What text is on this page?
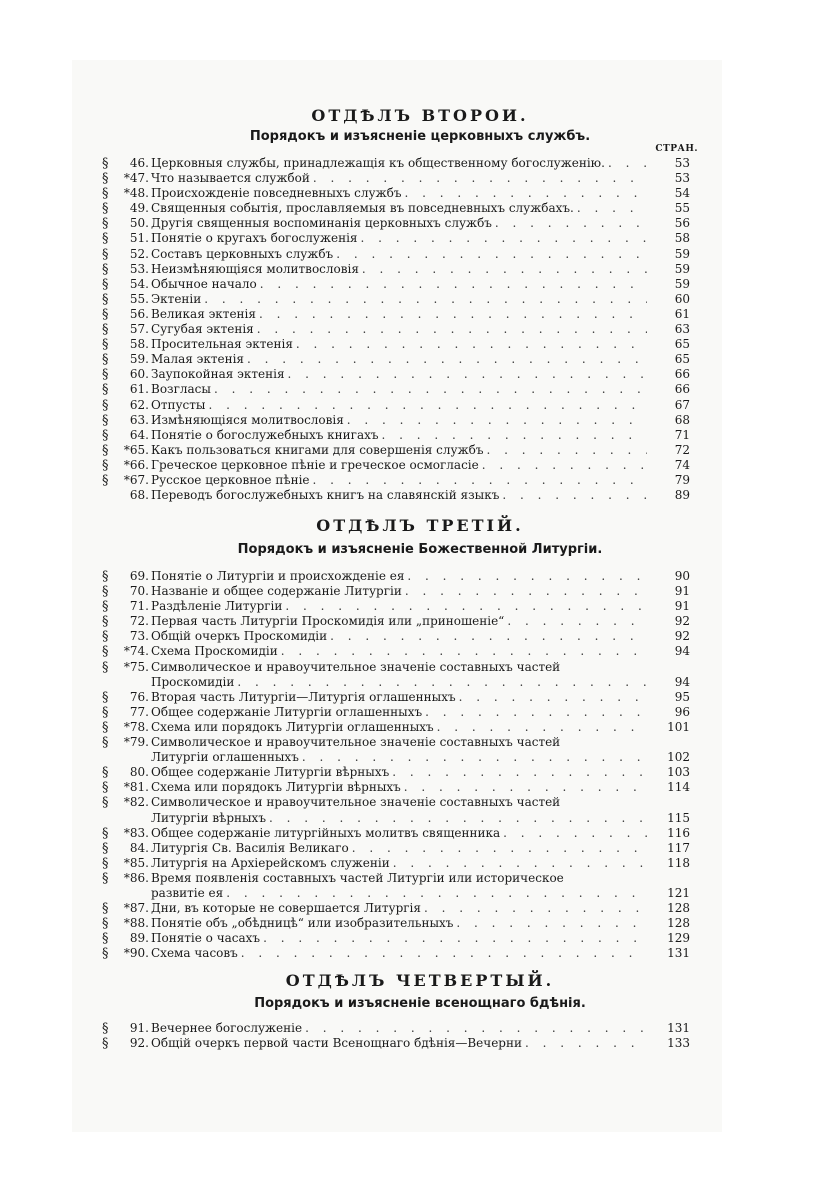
ОТДѢЛЪ ВТОРОИ.
Порядокъ и изъясненіе церковныхъ службъ.
СТРАН.
§	46. Церковныя службы, принадлежащія къ общественному богослуженію. . . .	53
§	*47. Что называется службой . . .	53
§	*48. Происхожденіе повседневныхъ службъ . . .	54
§	49. Священныя событія, прославляемыя въ повседневныхъ службахъ. . . .	55
§	50. Другія священныя воспоминанія церковныхъ службъ . . .	56
§	51. Понятіе о кругахъ богослуженія . . .	58
§	52. Составъ церковныхъ службъ . . .	59
§	53. Неизмѣняющіяся молитвословія . . .	59
§	54. Обычное начало . . .	59
§	55. Эктеніи . . .	60
§	56. Великая эктенія . . .	61
§	57. Сугубая эктенія . . .	63
§	58. Просительная эктенія . . .	65
§	59. Малая эктенія . . .	65
§	60. Заупокойная эктенія . . .	66
§	61. Возгласы . . .	66
§	62. Отпусты . . .	67
§	63. Измѣняющіяся молитвословія . . .	68
§	64. Понятіе о богослужебныхъ книгахъ . . .	71
§	*65. Какъ пользоваться книгами для совершенія службъ . . .	72
§	*66. Греческое церковное пѣніе и греческое осмогласіе . . .	74
§	*67. Русское церковное пѣніе . . .	79
68. Переводъ богослужебныхъ книгъ на славянскій языкъ . . .	89
ОТДѢЛЪ ТРЕТІЙ.
Порядокъ и изъясненіе Божественной Литургіи.
§	69. Понятіе о Литургіи и происхожденіе ея . . .	90
§	70. Названіе и общее содержаніе Литургіи . . .	91
§	71. Раздѣленіе Литургіи . . .	91
§	72. Первая часть Литургіи Проскомидія или „приношеніе“ . . .	92
§	73. Общій очеркъ Проскомидіи . . .	92
§	*74. Схема Проскомидіи . . .	94
§	*75. Символическое и нравоучительное значеніе составныхъ частей
Проскомидіи . . .	94
§	76. Вторая часть Литургіи—Литургія оглашенныхъ . . .	95
§	77. Общее содержаніе Литургіи оглашенныхъ . . .	96
§	*78. Схема или порядокъ Литургіи оглашенныхъ . . .	101
§	*79. Символическое и нравоучительное значеніе составныхъ частей
Литургіи оглашенныхъ . . .	102
§	80. Общее содержаніе Литургіи вѣрныхъ . . .	103
§	*81. Схема или порядокъ Литургіи вѣрныхъ . . .	114
§	*82. Символическое и нравоучительное значеніе составныхъ частей
Литургіи вѣрныхъ . . .	115
§	*83. Общее содержаніе литургійныхъ молитвъ священника . . .	116
§	84. Литургія Св. Василія Великаго . . .	117
§	*85. Литургія на Архіерейскомъ служеніи . . .	118
§	*86. Время появленія составныхъ частей Литургіи или историческое
развитіе ея . . .	121
§	*87. Дни, въ которые не совершается Литургія . . .	128
§	*88. Понятіе объ „обѣдницѣ“ или изобразительныхъ . . .	128
§	89. Понятіе о часахъ . . .	129
§	*90. Схема часовъ . . .	131
ОТДѢЛЪ ЧЕТВЕРТЫЙ.
Порядокъ и изъясненіе всенощнаго бдѣнія.
§	91. Вечернее богослуженіе . . .	131
§	92. Общій очеркъ первой части Всенощнаго бдѣнія—Вечерни . . .	133
